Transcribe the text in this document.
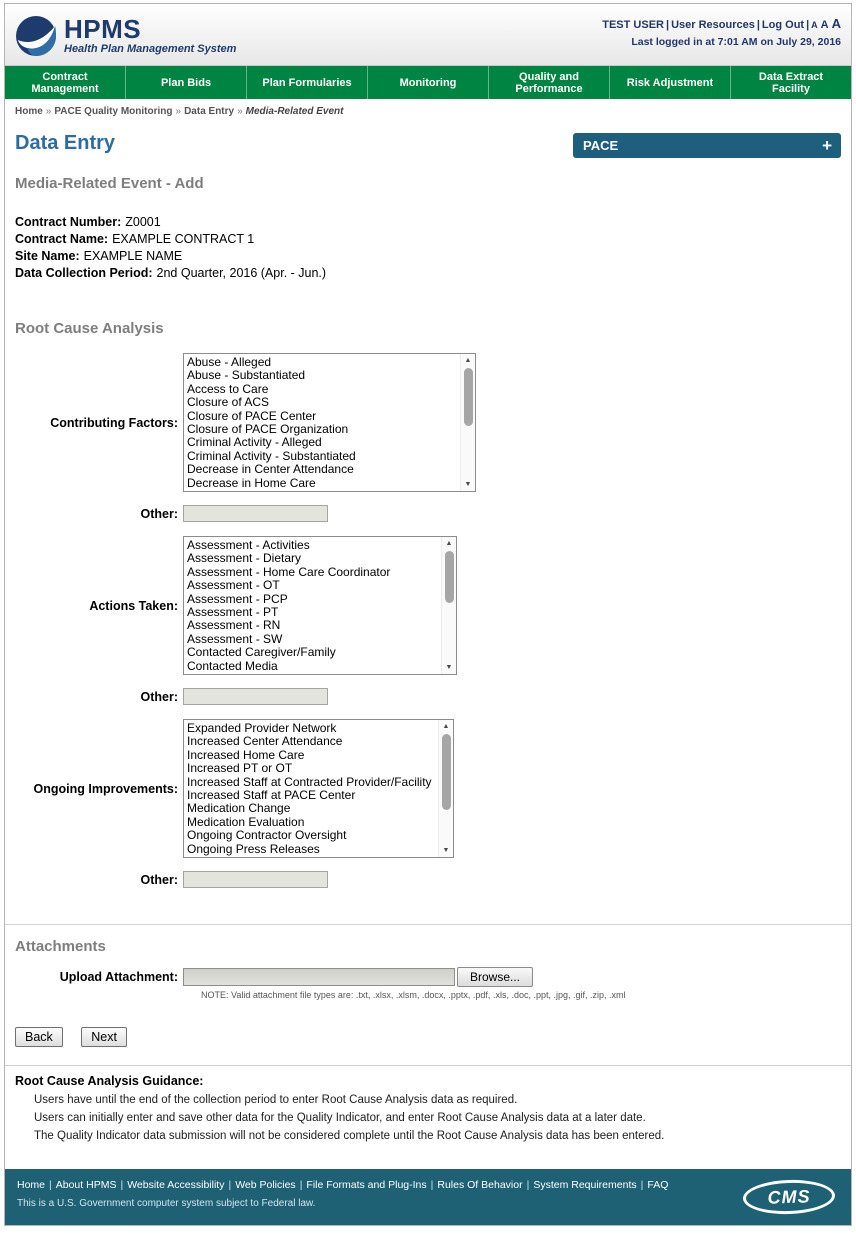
HPMS
Health Plan Management System
TEST USER | User Resources | Log Out | A A A
Last logged in at 7:01 AM on July 29, 2016
Contract Management	Plan Bids	Plan Formularies	Monitoring	Quality and Performance	Risk Adjustment	Data Extract Facility
Home » PACE Quality Monitoring » Data Entry » Media-Related Event
Data Entry	PACE	+
Media-Related Event - Add
Contract Number: Z0001
Contract Name: EXAMPLE CONTRACT 1
Site Name: EXAMPLE NAME
Data Collection Period: 2nd Quarter, 2016 (Apr. - Jun.)
Root Cause Analysis
Contributing Factors:
Abuse - Alleged
Abuse - Substantiated
Access to Care
Closure of ACS
Closure of PACE Center
Closure of PACE Organization
Criminal Activity - Alleged
Criminal Activity - Substantiated
Decrease in Center Attendance
Decrease in Home Care
▲
▼
Other:
Actions Taken:
Assessment - Activities
Assessment - Dietary
Assessment - Home Care Coordinator
Assessment - OT
Assessment - PCP
Assessment - PT
Assessment - RN
Assessment - SW
Contacted Caregiver/Family
Contacted Media
▲
▼
Other:
Ongoing Improvements:
Expanded Provider Network
Increased Center Attendance
Increased Home Care
Increased PT or OT
Increased Staff at Contracted Provider/Facility
Increased Staff at PACE Center
Medication Change
Medication Evaluation
Ongoing Contractor Oversight
Ongoing Press Releases
▲
▼
Other:
Attachments
Upload Attachment:	Browse...
NOTE: Valid attachment file types are: .txt, .xlsx, .xlsm, .docx, .pptx, .pdf, .xls, .doc, .ppt, .jpg, .gif, .zip, .xml
Back	Next
Root Cause Analysis Guidance:
Users have until the end of the collection period to enter Root Cause Analysis data as required.
Users can initially enter and save other data for the Quality Indicator, and enter Root Cause Analysis data at a later date.
The Quality Indicator data submission will not be considered complete until the Root Cause Analysis data has been entered.
Home | About HPMS | Website Accessibility | Web Policies | File Formats and Plug-Ins | Rules Of Behavior | System Requirements | FAQ
This is a U.S. Government computer system subject to Federal law.	CMS
